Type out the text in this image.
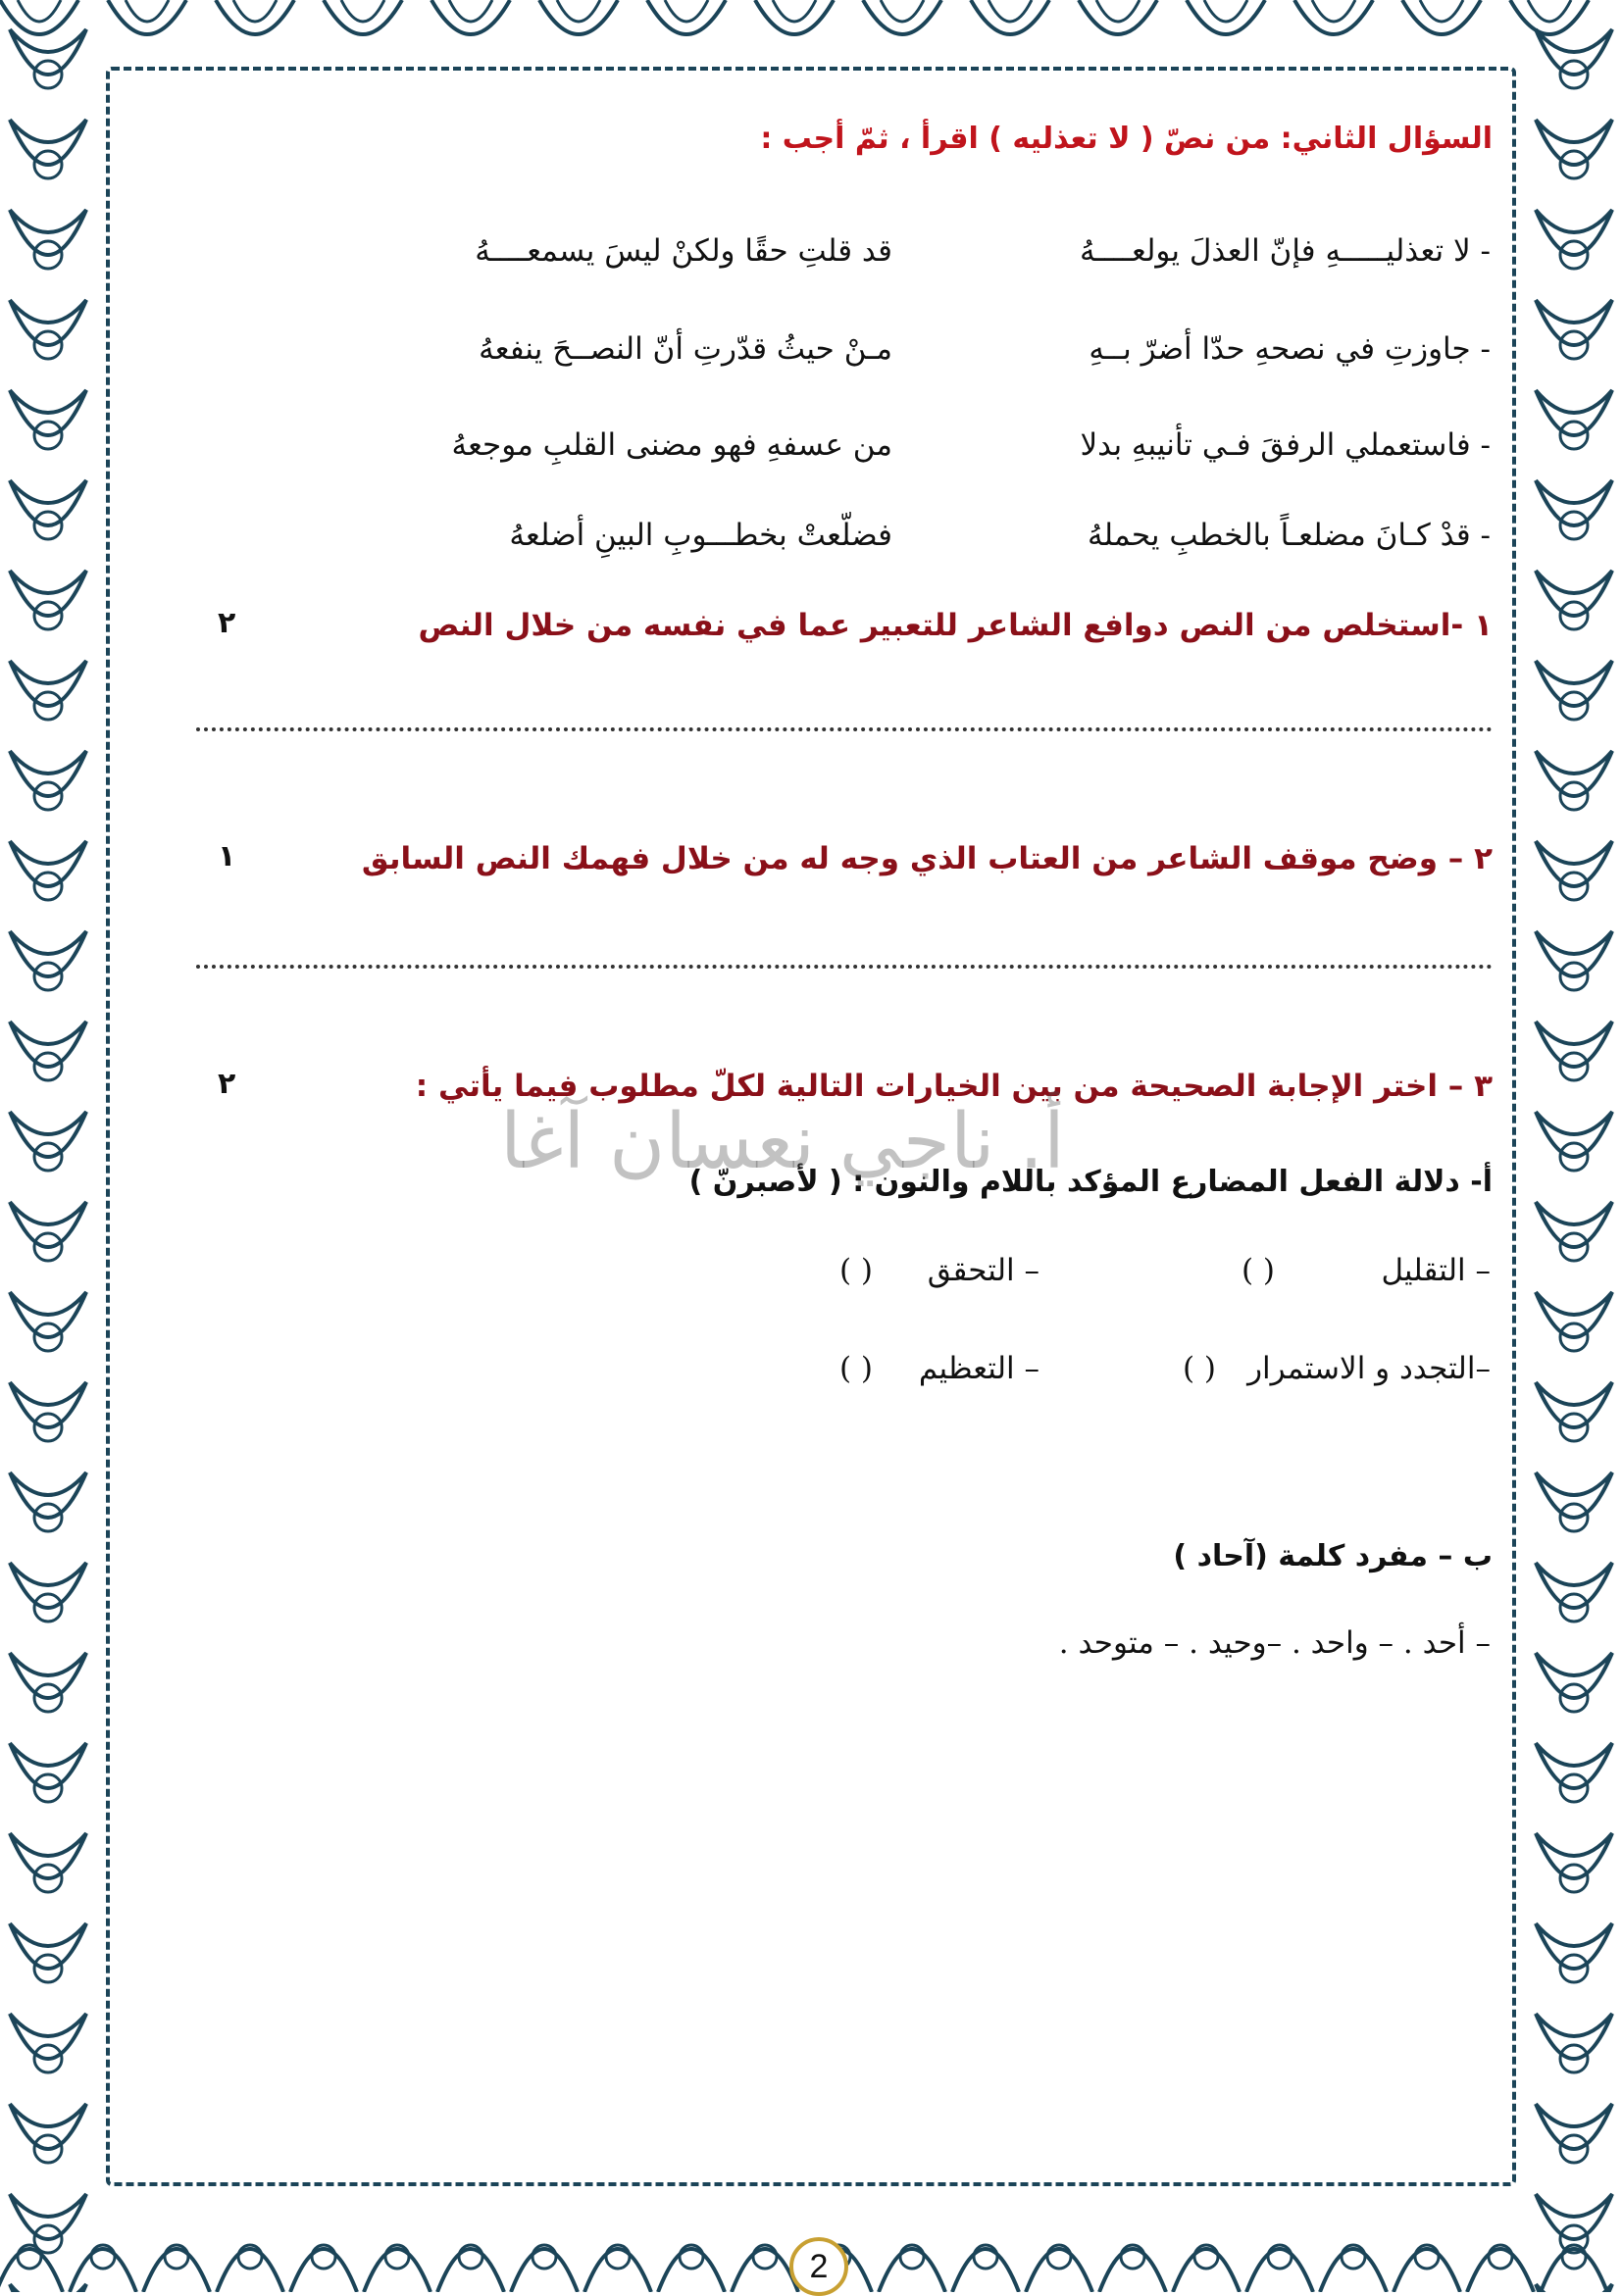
السؤال الثاني: من نصّ ( لا تعذليه ) اقرأ ، ثمّ أجب :
- لا تعذليـــــهِ فإنّ العذلَ يولعــــهُ
قد قلتِ حقًا ولكنْ ليسَ يسمعــــهُ
- جاوزتِ في نصحهِ حدّا أضرّ بــهِ
مـنْ حيثُ قدّرتِ أنّ النصــحَ ينفعهُ
- فاستعملي الرفقَ فـي تأنيبهِ بدلا
من عسفهِ فهو مضنى القلبِ موجعهُ
- قدْ كـانَ مضلعـاً بالخطبِ يحملهُ
فضلّعتْ بخطـــوبِ البينِ أضلعهُ
١ -استخلص من النص دوافع الشاعر للتعبير عما في نفسه من خلال النص
٢
٢ – وضح موقف الشاعر من العتاب الذي وجه له من خلال فهمك النص السابق
١
٣ – اختر الإجابة الصحيحة من بين الخيارات التالية لكلّ مطلوب فيما يأتي :
٢
أ- دلالة الفعل المضارع المؤكد باللام والنون : ( لأصبرنّ )
– التقليل
( )
– التحقق
( )
–التجدد و الاستمرار
( )
– التعظيم
( )
ب – مفرد كلمة (آحاد )
– أحد . – واحد . –وحيد . – متوحد .
أ. ناجي نعسان آغا
2
